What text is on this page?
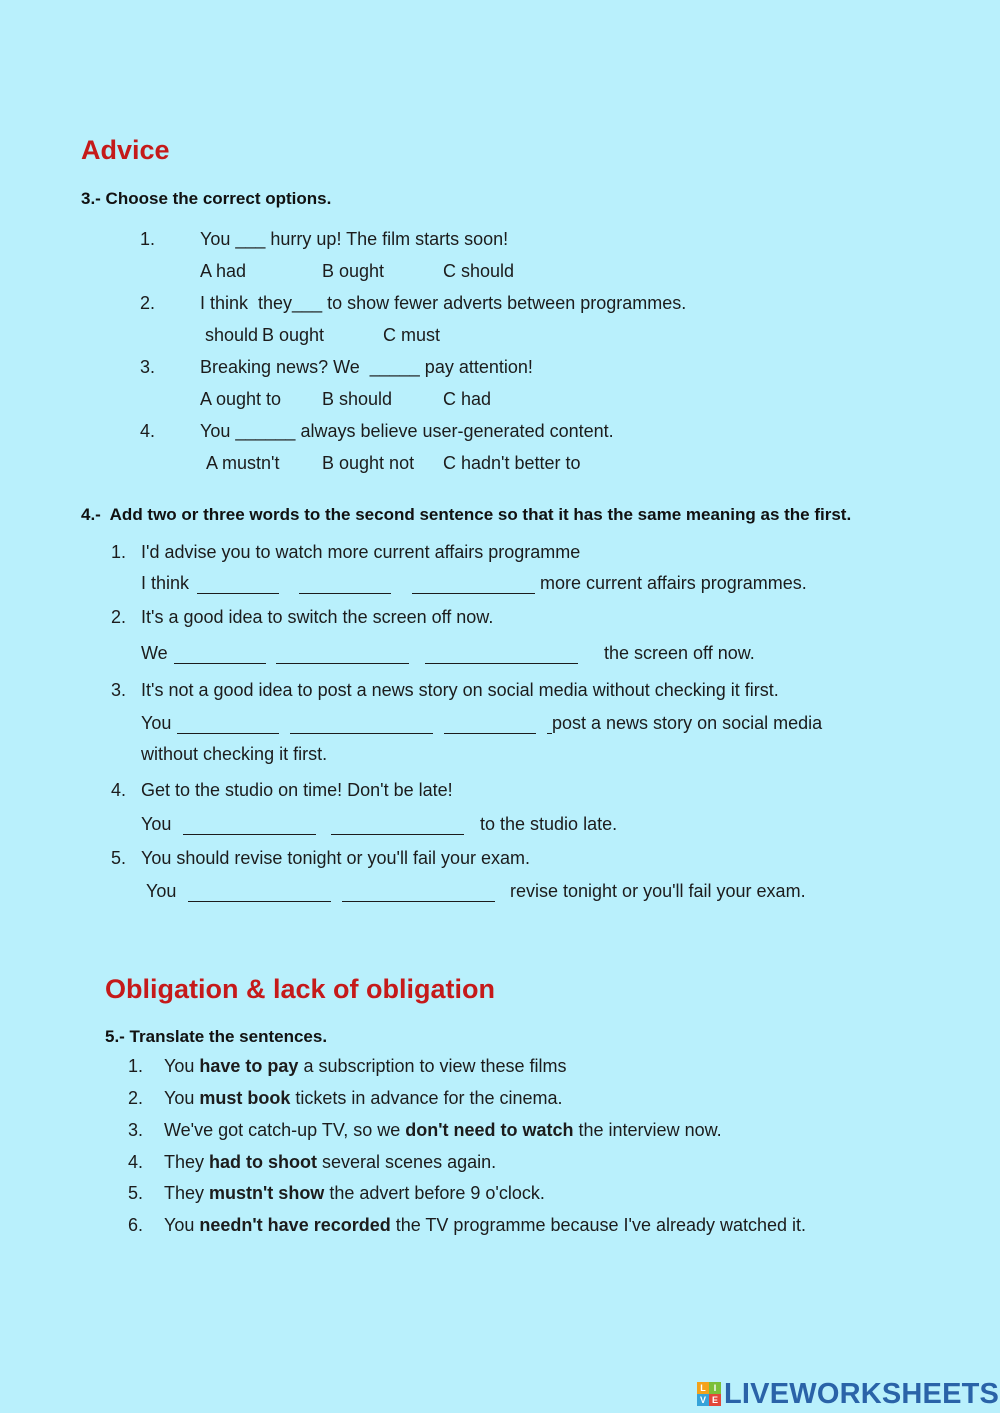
Advice
3.- Choose the correct options.
1. You ___ hurry up! The film starts soon!
A had	B ought	C should
2. I think  they___ to show fewer adverts between programmes.
should B ought	C must
3. Breaking news? We  _____ pay attention!
A ought to B should	C had
4. You ______ always believe user-generated content.
A mustn't B ought not C hadn't better to
4.-  Add two or three words to the second sentence so that it has the same meaning as the first.
1. I'd advise you to watch more current affairs programme
I think	more current affairs programmes.
2. It's a good idea to switch the screen off now.
We	the screen off now.
3. It's not a good idea to post a news story on social media without checking it first.
You	post a news story on social media
without checking it first.
4. Get to the studio on time! Don't be late!
You	to the studio late.
5. You should revise tonight or you'll fail your exam.
You	revise tonight or you'll fail your exam.
Obligation & lack of obligation
5.- Translate the sentences.
1. You have to pay a subscription to view these films
2. You must book tickets in advance for the cinema.
3. We've got catch-up TV, so we don't need to watch the interview now.
4. They had to shoot several scenes again.
5. They mustn't show the advert before 9 o'clock.
6. You needn't have recorded the TV programme because I've already watched it.
L I
V E LIVEWORKSHEETS
